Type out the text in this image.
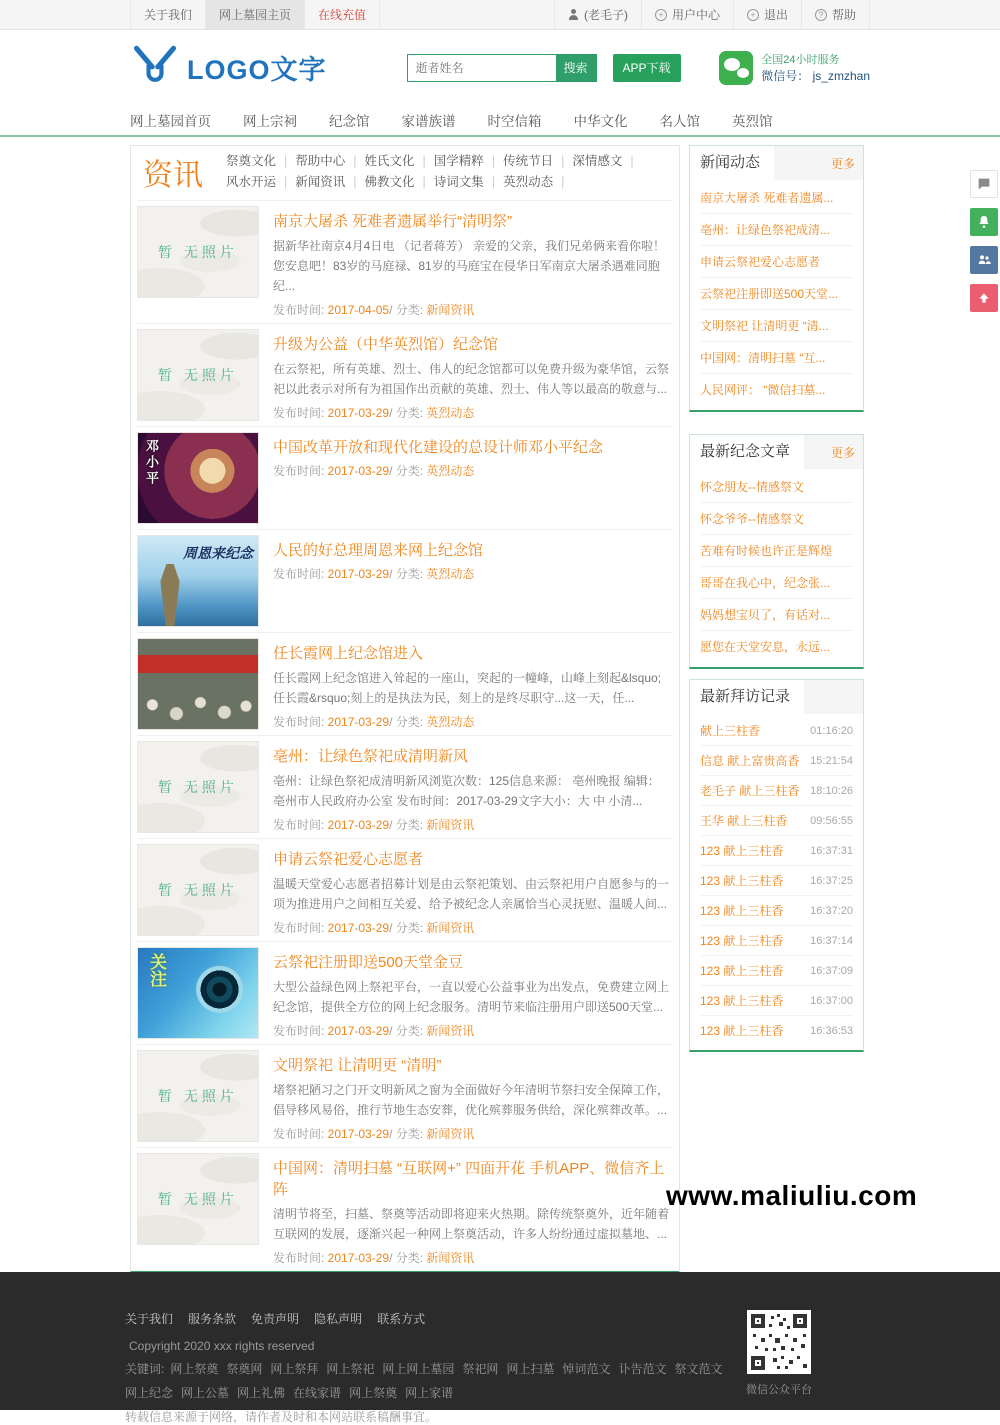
关于我们	网上墓园主页	在线充值	(老毛子)	+ 用户中心	+ 退出	? 帮助
LOGO文字
逝者姓名	搜索	APP下载
全国24小时服务
微信号： js_zmzhan
网上墓园首页 网上宗祠 纪念馆 家谱族谱 时空信箱 中华文化 名人馆 英烈馆
资讯	祭奠文化 | 帮助中心 | 姓氏文化 | 国学精粹 | 传统节日 | 深情感文 |
风水开运 | 新闻资讯 | 佛教文化 | 诗词文集 | 英烈动态 |
暂 无照片
南京大屠杀 死难者遗属举行“清明祭”

据新华社南京4月4日电 （记者蒋芳） 亲爱的父亲，我们兄弟俩来看你啦！您安息吧！83岁的马庭禄、81岁的马庭宝在侵华日军南京大屠杀遇难同胞纪...

发布时间: 2017-04-05/ 分类: 新闻资讯

暂 无照片
升级为公益（中华英烈馆）纪念馆

在云祭祀，所有英雄、烈士、伟人的纪念馆都可以免费升级为豪华馆，云祭祀以此表示对所有为祖国作出贡献的英雄、烈士、伟人等以最高的敬意与...

发布时间: 2017-03-29/ 分类: 英烈动态

邓小平	中国改革开放和现代化建设的总设计师邓小平纪念

发布时间: 2017-03-29/ 分类: 英烈动态

周恩来纪念 人民的好总理周恩来网上纪念馆

发布时间: 2017-03-29/ 分类: 英烈动态

任长霞网上纪念馆进入

任长霞网上纪念馆进入耸起的一座山，突起的一幢峰，山峰上刻起&lsquo;任长霞&rsquo;刻上的是执法为民，刻上的是终尽职守...这一天，任...

发布时间: 2017-03-29/ 分类: 英烈动态

暂 无照片
亳州：让绿色祭祀成清明新风

亳州：让绿色祭祀成清明新风浏览次数：125信息来源： 亳州晚报 编辑： 亳州市人民政府办公室 发布时间：2017-03-29文字大小：大 中 小清...

发布时间: 2017-03-29/ 分类: 新闻资讯

暂 无照片
申请云祭祀爱心志愿者

温暖天堂爱心志愿者招募计划是由云祭祀策划、由云祭祀用户自愿参与的一项为推进用户之间相互关爱、给予被纪念人亲属恰当心灵抚慰、温暖人间...

发布时间: 2017-03-29/ 分类: 新闻资讯

关注	云祭祀注册即送500天堂金豆

大型公益绿色网上祭祀平台，一直以爱心公益事业为出发点，免费建立网上纪念馆，提供全方位的网上纪念服务。清明节来临注册用户即送500天堂...

发布时间: 2017-03-29/ 分类: 新闻资讯

暂 无照片
文明祭祀 让清明更 “清明”

堵祭祀陋习之门开文明新风之窗为全面做好今年清明节祭扫安全保障工作，倡导移风易俗，推行节地生态安葬，优化殡葬服务供给，深化殡葬改革。...

发布时间: 2017-03-29/ 分类: 新闻资讯

暂 无照片
中国网：清明扫墓 “互联网+” 四面开花 手机APP、微信齐上阵

清明节将至，扫墓、祭奠等活动即将迎来火热期。除传统祭奠外，近年随着互联网的发展，逐渐兴起一种网上祭奠活动，许多人纷纷通过虚拟墓地、...

发布时间: 2017-03-29/ 分类: 新闻资讯

新闻动态	更多
南京大屠杀 死难者遗属...
亳州：让绿色祭祀成清...
申请云祭祀爱心志愿者
云祭祀注册即送500天堂...
文明祭祀 让清明更 “清...
中国网：清明扫墓 “互...
人民网评： “微信扫墓...
最新纪念文章	更多
怀念朋友--情感祭文
怀念爷爷--情感祭文
苦难有时候也许正是辉煌
哥哥在我心中，纪念张...
妈妈想宝贝了，有话对...
愿您在天堂安息，永远...
最新拜访记录
献上三柱香	01:16:20
信息 献上富贵高香 15:21:54
老毛子 献上三柱香 18:10:26
王华 献上三柱香 09:56:55
123 献上三柱香 16:37:31
123 献上三柱香 16:37:25
123 献上三柱香 16:37:20
123 献上三柱香 16:37:14
123 献上三柱香 16:37:09
123 献上三柱香 16:37:00
123 献上三柱香 16:36:53
www.maliuliu.com

关于我们 服务条款 免责声明 隐私声明 联系方式

Copyright 2020 xxx rights reserved

关键词: 网上祭奠 祭奠网 网上祭拜 网上祭祀 网上网上墓园 祭祀网 网上扫墓 悼词范文 讣告范文 祭文范文

网上纪念 网上公墓 网上礼佛 在线家谱 网上祭奠 网上家谱

转载信息来源于网络，请作者及时和本网站联系稿酬事宜。

微信公众平台
